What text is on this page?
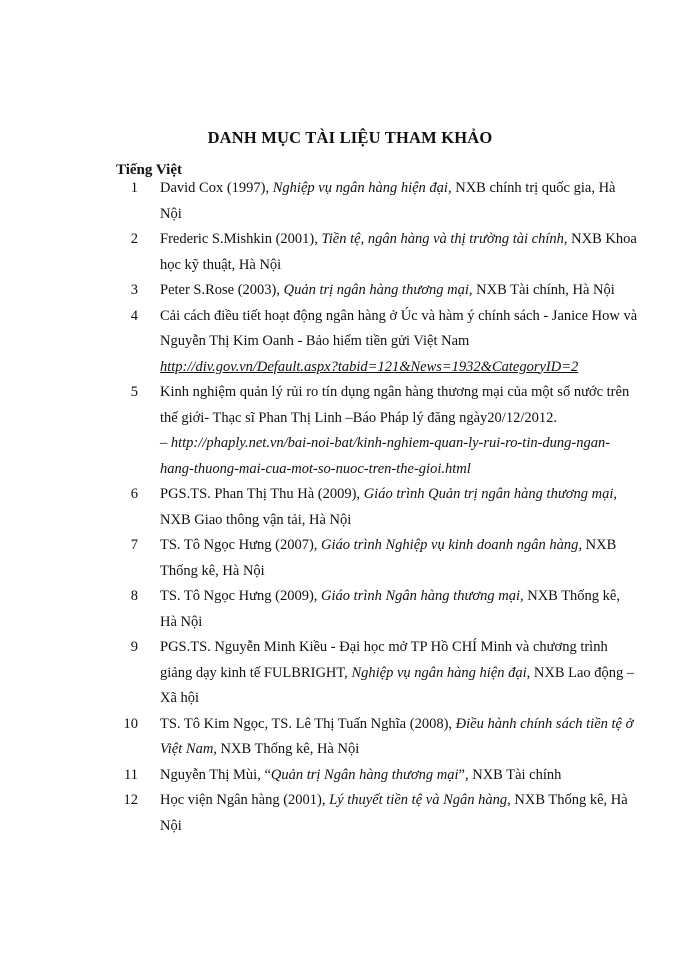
DANH MỤC TÀI LIỆU THAM KHẢO
Tiếng Việt
1 David Cox (1997), Nghiệp vụ ngân hàng hiện đại, NXB chính trị quốc gia, Hà Nội
2 Frederic S.Mishkin (2001), Tiền tệ, ngân hàng và thị trường tài chính, NXB Khoa học kỹ thuật, Hà Nội
3 Peter S.Rose (2003), Quản trị ngân hàng thương mại, NXB Tài chính, Hà Nội
4 Cải cách điều tiết hoạt động ngân hàng ở Úc và hàm ý chính sách - Janice How và Nguyễn Thị Kim Oanh - Bảo hiểm tiền gửi Việt Nam
http://div.gov.vn/Default.aspx?tabid=121&News=1932&CategoryID=2
5 Kinh nghiệm quản lý rủi ro tín dụng ngân hàng thương mại của một số nước trên thế giới- Thạc sĩ Phan Thị Linh –Báo Pháp lý đăng ngày20/12/2012.
– http://phaply.net.vn/bai-noi-bat/kinh-nghiem-quan-ly-rui-ro-tin-dung-ngan-hang-thuong-mai-cua-mot-so-nuoc-tren-the-gioi.html
6 PGS.TS. Phan Thị Thu Hà (2009), Giáo trình Quản trị ngân hàng thương mại, NXB Giao thông vận tải, Hà Nội
7 TS. Tô Ngọc Hưng (2007), Giáo trình Nghiệp vụ kinh doanh ngân hàng, NXB Thống kê, Hà Nội
8 TS. Tô Ngọc Hưng (2009), Giáo trình Ngân hàng thương mại, NXB Thống kê, Hà Nội
9 PGS.TS. Nguyễn Minh Kiều - Đại học mở TP Hồ CHÍ Minh và chương trình giảng dạy kinh tế FULBRIGHT, Nghiệp vụ ngân hàng hiện đại, NXB Lao động – Xã hội
10 TS. Tô Kim Ngọc, TS. Lê Thị Tuấn Nghĩa (2008), Điều hành chính sách tiền tệ ở Việt Nam, NXB Thống kê, Hà Nội
11 Nguyễn Thị Mùi, “Quản trị Ngân hàng thương mại”, NXB Tài chính
12 Học viện Ngân hàng (2001), Lý thuyết tiền tệ và Ngân hàng, NXB Thống kê, Hà Nội
